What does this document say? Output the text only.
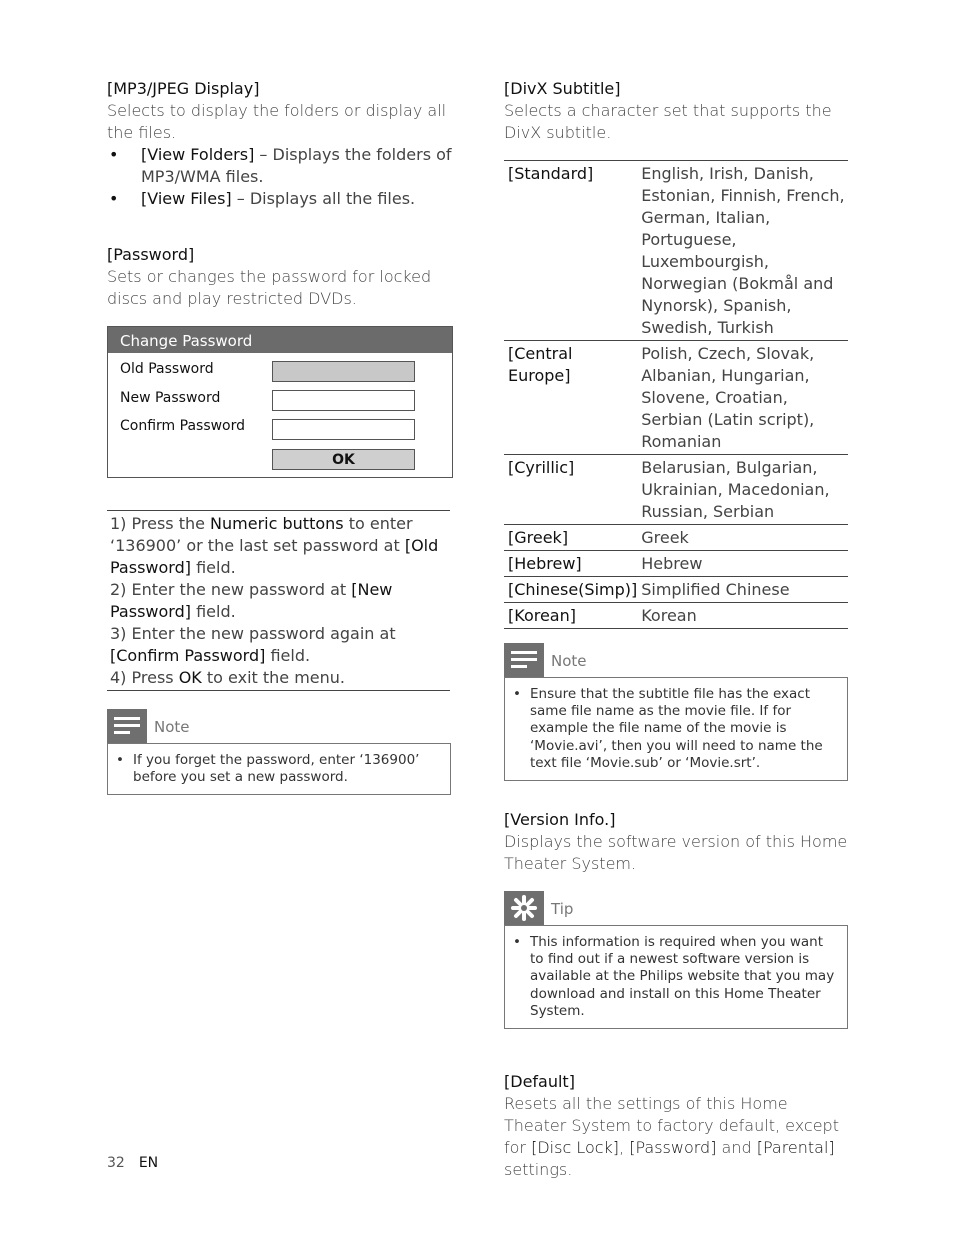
[MP3/JPEG Display]
Selects to display the folders or display all the files.
• [View Folders] – Displays the folders of MP3/WMA files.
• [View Files] – Displays all the files.
[Password]
Sets or changes the password for locked discs and play restricted DVDs.
Change Password
Old Password
New Password
Confirm Password
OK

1) Press the Numeric buttons to enter ‘136900’ or the last set password at [Old Password] field.

2) Enter the new password at [New Password] field.

3) Enter the new password again at [Confirm Password] field.

4) Press OK to exit the menu.

Note
• If you forget the password, enter ‘136900’ before you set a new password.
[DivX Subtitle]
Selects a character set that supports the DivX subtitle.
[Standard]	English, Irish, Danish, Estonian, Finnish, French, German, Italian, Portuguese, Luxembourgish, Norwegian (Bokmål and Nynorsk), Spanish, Swedish, Turkish
[Central Europe]	Polish, Czech, Slovak, Albanian, Hungarian, Slovene, Croatian, Serbian (Latin script), Romanian
[Cyrillic]	Belarusian, Bulgarian, Ukrainian, Macedonian, Russian, Serbian
[Greek]	Greek
[Hebrew]	Hebrew
[Chinese(Simp)]	Simplified Chinese
[Korean]	Korean
Note
• Ensure that the subtitle file has the exact same file name as the movie file. If for example the file name of the movie is ‘Movie.avi’, then you will need to name the text file ‘Movie.sub’ or ‘Movie.srt’.
[Version Info.]
Displays the software version of this Home Theater System.
Tip
• This information is required when you want to find out if a newest software version is available at the Philips website that you may download and install on this Home Theater System.
[Default]
Resets all the settings of this Home Theater System to factory default, except for [Disc Lock], [Password] and [Parental] settings.
32 EN
